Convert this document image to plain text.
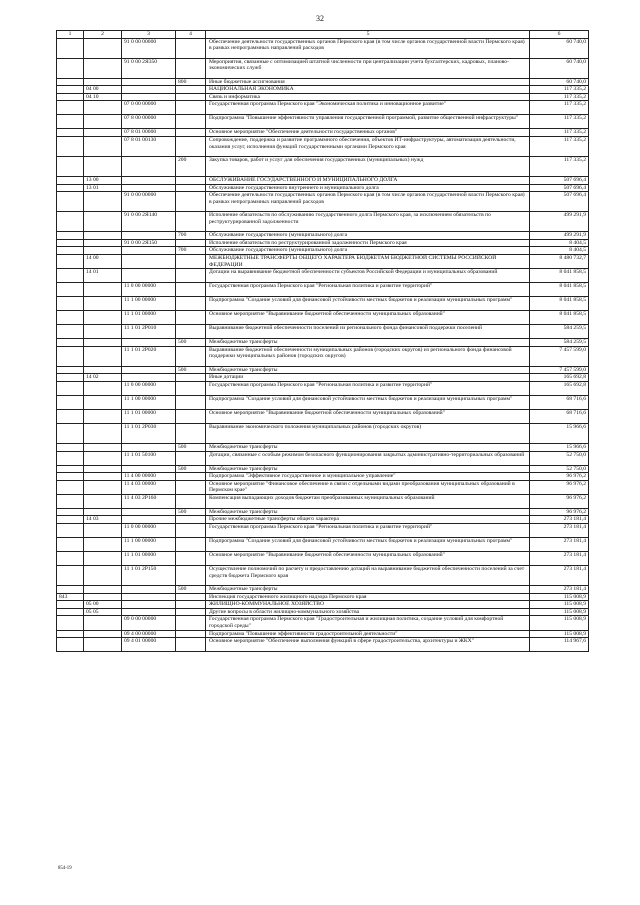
32
1	2	3	4	5	6
		91 0 00 00000		Обеспечение деятельности государственных органов Пермского края (в том числе органов государственной власти Пермского края) в рамках непрограммных направлений расходов	60 740,0
		91 0 00 2Я350		Мероприятия, связанные с оптимизацией штатной численности при централизации учета бухгалтерских, кадровых, планово-экономических служб	60 740,0
			800	Иные бюджетные ассигнования	60 740,0
	04 00			НАЦИОНАЛЬНАЯ ЭКОНОМИКА	117 335,2
	04 10			Связь и информатика	117 335,2
		07 0 00 00000		Государственная программа Пермского края "Экономическая политика и инновационное развитие"	117 335,2
		07 8 00 00000		Подпрограмма "Повышение эффективности управления государственной программой, развитие общественной инфраструктуры"	117 335,2
		07 8 01 00000		Основное мероприятие "Обеспечение деятельности государственных органов"	117 335,2
		07 8 01 00130		Сопровождение, поддержка и развитие программного обеспечения, объектов ИТ-инфраструктуры, автоматизация деятельности, оказания услуг, исполнения функций государственными органами Пермского края	117 335,2
			200	Закупка товаров, работ и услуг для обеспечения государственных (муниципальных) нужд	117 335,2
	13 00			ОБСЛУЖИВАНИЕ ГОСУДАРСТВЕННОГО И МУНИЦИПАЛЬНОГО ДОЛГА	507 696,4
	13 01			Обслуживание государственного внутреннего и муниципального долга	507 696,4
		91 0 00 00000		Обеспечение деятельности государственных органов Пермского края (в том числе органов государственной власти Пермского края) в рамках непрограммных направлений расходов	507 696,4
		91 0 00 2Я140		Исполнение обязательств по обслуживанию государственного долга Пермского края, за исключением обязательств по реструктурированной задолженности	499 291,9
			700	Обслуживание государственного (муниципального) долга	499 291,9
		91 0 00 2Я150		Исполнение обязательств по реструктурированной задолженности Пермского края	8 404,5
			700	Обслуживание государственного (муниципального) долга	8 404,5
	14 00			МЕЖБЮДЖЕТНЫЕ ТРАНСФЕРТЫ ОБЩЕГО ХАРАКТЕРА БЮДЖЕТАМ БЮДЖЕТНОЙ СИСТЕМЫ РОССИЙСКОЙ ФЕДЕРАЦИИ	8 480 732,7
	14 01			Дотации на выравнивание бюджетной обеспеченности субъектов Российской Федерации и муниципальных образований	8 041 858,5
		11 0 00 00000		Государственная программа Пермского края "Региональная политика и развитие территорий"	8 041 858,5
		11 1 00 00000		Подпрограмма "Создание условий для финансовой устойчивости местных бюджетов и реализации муниципальных программ"	8 041 858,5
		11 1 01 00000		Основное мероприятие "Выравнивание бюджетной обеспеченности муниципальных образований"	8 041 858,5
		11 1 01 2Р010		Выравнивание бюджетной обеспеченности поселений из регионального фонда финансовой поддержки поселений	584 259,5
			500	Межбюджетные трансферты	584 259,5
		11 1 01 2Р020		Выравнивание бюджетной обеспеченности муниципальных районов (городских округов) из регионального фонда финансовой поддержки муниципальных районов (городских округов)	7 457 599,0
			500	Межбюджетные трансферты	7 457 599,0
	14 02			Иные дотации	165 692,8
		11 0 00 00000		Государственная программа Пермского края "Региональная политика и развитие территорий"	165 692,8
		11 1 00 00000		Подпрограмма "Создание условий для финансовой устойчивости местных бюджетов и реализации муниципальных программ"	68 716,6
		11 1 01 00000		Основное мероприятие "Выравнивание бюджетной обеспеченности муниципальных образований"	68 716,6
		11 1 01 2Р030		Выравнивание экономического положения муниципальных районов (городских округов)	15 966,6
			500	Межбюджетные трансферты	15 966,6
		11 1 01 50100		Дотации, связанные с особым режимом безопасного функционирования закрытых административно-территориальных образований	52 750,0
			500	Межбюджетные трансферты	52 750,0
		11 4 00 00000		Подпрограмма "Эффективное государственное и муниципальное управление"	96 976,2
		11 4 03 00000		Основное мероприятие "Финансовое обеспечение в связи с отдельными видами преобразования муниципальных образований в Пермском крае"	96 976,2
		11 4 03 2Р160		Компенсация выпадающих доходов бюджетам преобразованных муниципальных образований	96 976,2
			500	Межбюджетные трансферты	96 976,2
	14 03			Прочие межбюджетные трансферты общего характера	273 181,4
		11 0 00 00000		Государственная программа Пермского края "Региональная политика и развитие территорий"	273 181,4
		11 1 00 00000		Подпрограмма "Создание условий для финансовой устойчивости местных бюджетов и реализации муниципальных программ"	273 181,4
		11 1 01 00000		Основное мероприятие "Выравнивание бюджетной обеспеченности муниципальных образований"	273 181,4
		11 1 01 2Р150		Осуществление полномочий по расчету и предоставлению дотаций на выравнивание бюджетной обеспеченности поселений за счет средств бюджета Пермского края	273 181,4
			500	Межбюджетные трансферты	273 181,4
843				Инспекция государственного жилищного надзора Пермского края	115 008,9
	05 00			ЖИЛИЩНО-КОММУНАЛЬНОЕ ХОЗЯЙСТВО	115 008,9
	05 05			Другие вопросы в области жилищно-коммунального хозяйства	115 008,9
		09 0 00 00000		Государственная программа Пермского края "Градостроительная и жилищная политика, создание условий для комфортной городской среды"	115 008,9
		09 4 00 00000		Подпрограмма "Повышение эффективности градостроительной деятельности"	115 008,9
		09 4 01 00000		Основное мероприятие "Обеспечение выполнения функций в сфере градостроительства, архитектуры и ЖКХ"	114 967,6
854-19
